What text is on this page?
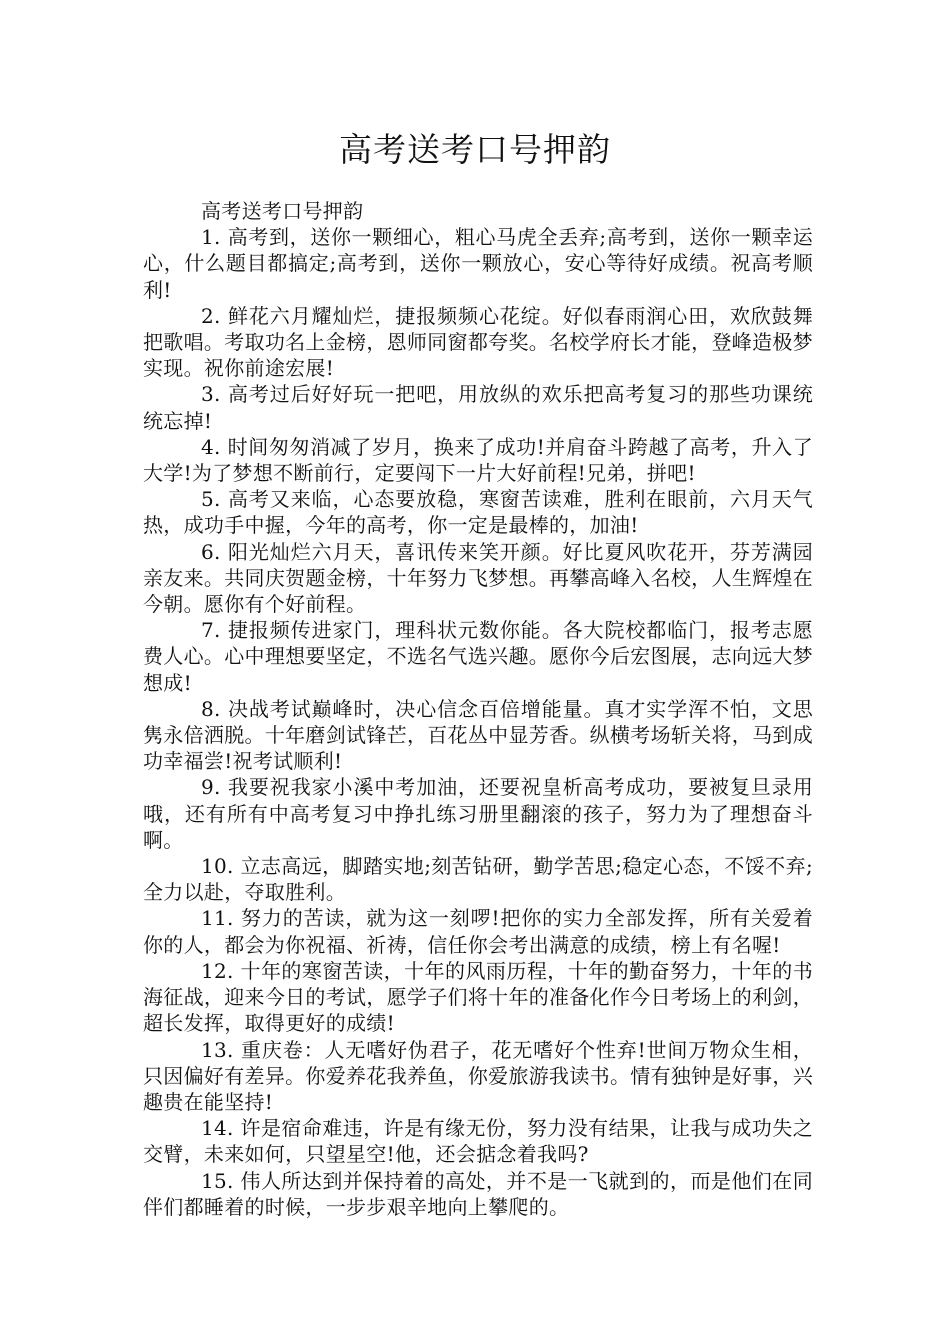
高考送考口号押韵

高考送考口号押韵

1. 高考到，送你一颗细心，粗心马虎全丢弃;高考到，送你一颗幸运心，什么题目都搞定;高考到，送你一颗放心，安心等待好成绩。祝高考顺利!

2. 鲜花六月耀灿烂，捷报频频心花绽。好似春雨润心田，欢欣鼓舞把歌唱。考取功名上金榜，恩师同窗都夸奖。名校学府长才能，登峰造极梦实现。祝你前途宏展!

3. 高考过后好好玩一把吧，用放纵的欢乐把高考复习的那些功课统统忘掉!

4. 时间匆匆消减了岁月，换来了成功!并肩奋斗跨越了高考，升入了大学!为了梦想不断前行，定要闯下一片大好前程!兄弟，拼吧!

5. 高考又来临，心态要放稳，寒窗苦读难，胜利在眼前，六月天气热，成功手中握，今年的高考，你一定是最棒的，加油!

6. 阳光灿烂六月天，喜讯传来笑开颜。好比夏风吹花开，芬芳满园亲友来。共同庆贺题金榜，十年努力飞梦想。再攀高峰入名校，人生辉煌在今朝。愿你有个好前程。

7. 捷报频传进家门，理科状元数你能。各大院校都临门，报考志愿费人心。心中理想要坚定，不选名气选兴趣。愿你今后宏图展，志向远大梦想成!

8. 决战考试巅峰时，决心信念百倍增能量。真才实学浑不怕，文思隽永倍洒脱。十年磨剑试锋芒，百花丛中显芳香。纵横考场斩关将，马到成功幸福尝!祝考试顺利!

9. 我要祝我家小溪中考加油，还要祝皇析高考成功，要被复旦录用哦，还有所有中高考复习中挣扎练习册里翻滚的孩子，努力为了理想奋斗啊。

10. 立志高远，脚踏实地;刻苦钻研，勤学苦思;稳定心态，不馁不弃;全力以赴，夺取胜利。

11. 努力的苦读，就为这一刻啰!把你的实力全部发挥，所有关爱着你的人，都会为你祝福、祈祷，信任你会考出满意的成绩，榜上有名喔!

12. 十年的寒窗苦读，十年的风雨历程，十年的勤奋努力，十年的书海征战，迎来今日的考试，愿学子们将十年的准备化作今日考场上的利剑，超长发挥，取得更好的成绩!

13. 重庆卷：人无嗜好伪君子，花无嗜好个性弃!世间万物众生相，只因偏好有差异。你爱养花我养鱼，你爱旅游我读书。情有独钟是好事，兴趣贵在能坚持!

14. 许是宿命难违，许是有缘无份，努力没有结果，让我与成功失之交臂，未来如何，只望星空!他，还会掂念着我吗?

15. 伟人所达到并保持着的高处，并不是一飞就到的，而是他们在同伴们都睡着的时候，一步步艰辛地向上攀爬的。
